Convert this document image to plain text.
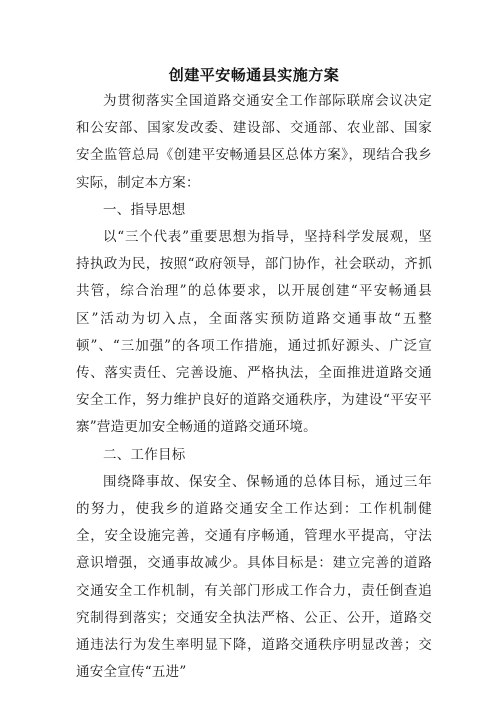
创建平安畅通县实施方案

为贯彻落实全国道路交通安全工作部际联席会议决定和公安部、国家发改委、建设部、交通部、农业部、国家安全监管总局《创建平安畅通县区总体方案》，现结合我乡实际，制定本方案：

一、指导思想

以“三个代表”重要思想为指导，坚持科学发展观，坚持执政为民，按照“政府领导，部门协作，社会联动，齐抓共管，综合治理”的总体要求，以开展创建“平安畅通县区”活动为切入点，全面落实预防道路交通事故“五整顿”、“三加强”的各项工作措施，通过抓好源头、广泛宣传、落实责任、完善设施、严格执法，全面推进道路交通安全工作，努力维护良好的道路交通秩序，为建设“平安平寨”营造更加安全畅通的道路交通环境。

二、工作目标

围绕降事故、保安全、保畅通的总体目标，通过三年的努力，使我乡的道路交通安全工作达到：工作机制健全，安全设施完善，交通有序畅通，管理水平提高，守法意识增强，交通事故减少。具体目标是：建立完善的道路交通安全工作机制，有关部门形成工作合力，责任倒查追究制得到落实；交通安全执法严格、公正、公开，道路交通违法行为发生率明显下降，道路交通秩序明显改善；交通安全宣传“五进”
